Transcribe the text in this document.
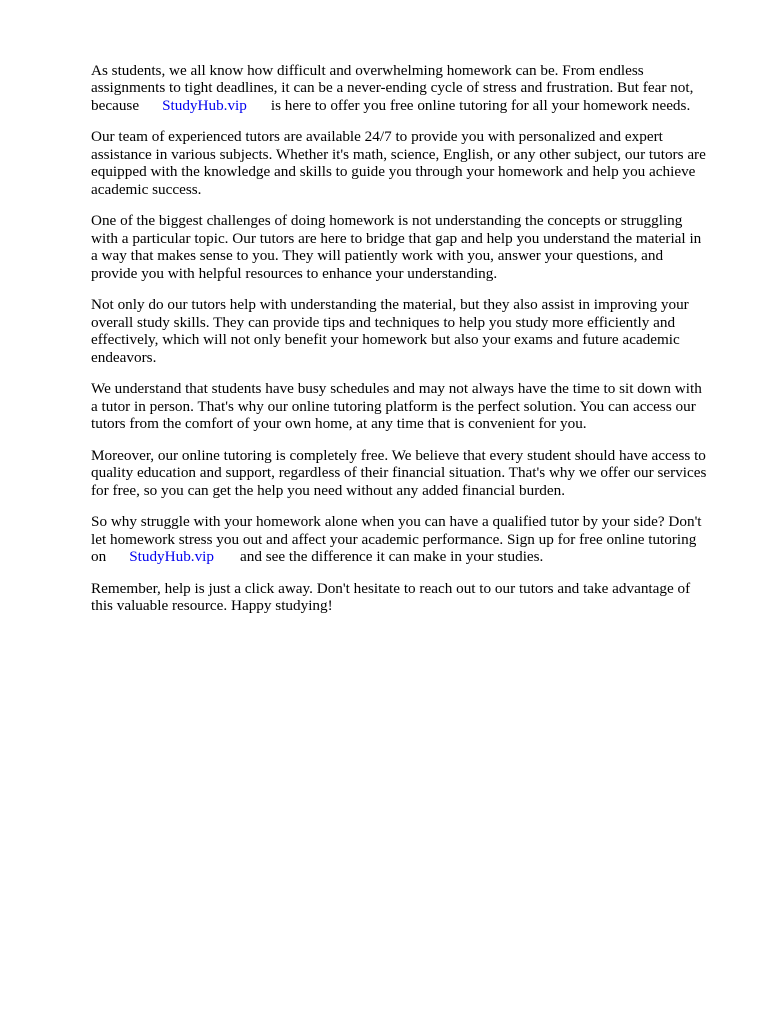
As students, we all know how difficult and overwhelming homework can be. From endless
assignments to tight deadlines, it can be a never-ending cycle of stress and frustration. But fear not,
because StudyHub.vip is here to offer you free online tutoring for all your homework needs.
Our team of experienced tutors are available 24/7 to provide you with personalized and expert
assistance in various subjects. Whether it's math, science, English, or any other subject, our tutors are
equipped with the knowledge and skills to guide you through your homework and help you achieve
academic success.
One of the biggest challenges of doing homework is not understanding the concepts or struggling
with a particular topic. Our tutors are here to bridge that gap and help you understand the material in
a way that makes sense to you. They will patiently work with you, answer your questions, and
provide you with helpful resources to enhance your understanding.
Not only do our tutors help with understanding the material, but they also assist in improving your
overall study skills. They can provide tips and techniques to help you study more efficiently and
effectively, which will not only benefit your homework but also your exams and future academic
endeavors.
We understand that students have busy schedules and may not always have the time to sit down with
a tutor in person. That's why our online tutoring platform is the perfect solution. You can access our
tutors from the comfort of your own home, at any time that is convenient for you.
Moreover, our online tutoring is completely free. We believe that every student should have access to
quality education and support, regardless of their financial situation. That's why we offer our services
for free, so you can get the help you need without any added financial burden.
So why struggle with your homework alone when you can have a qualified tutor by your side? Don't
let homework stress you out and affect your academic performance. Sign up for free online tutoring
on StudyHub.vip and see the difference it can make in your studies.
Remember, help is just a click away. Don't hesitate to reach out to our tutors and take advantage of
this valuable resource. Happy studying!
